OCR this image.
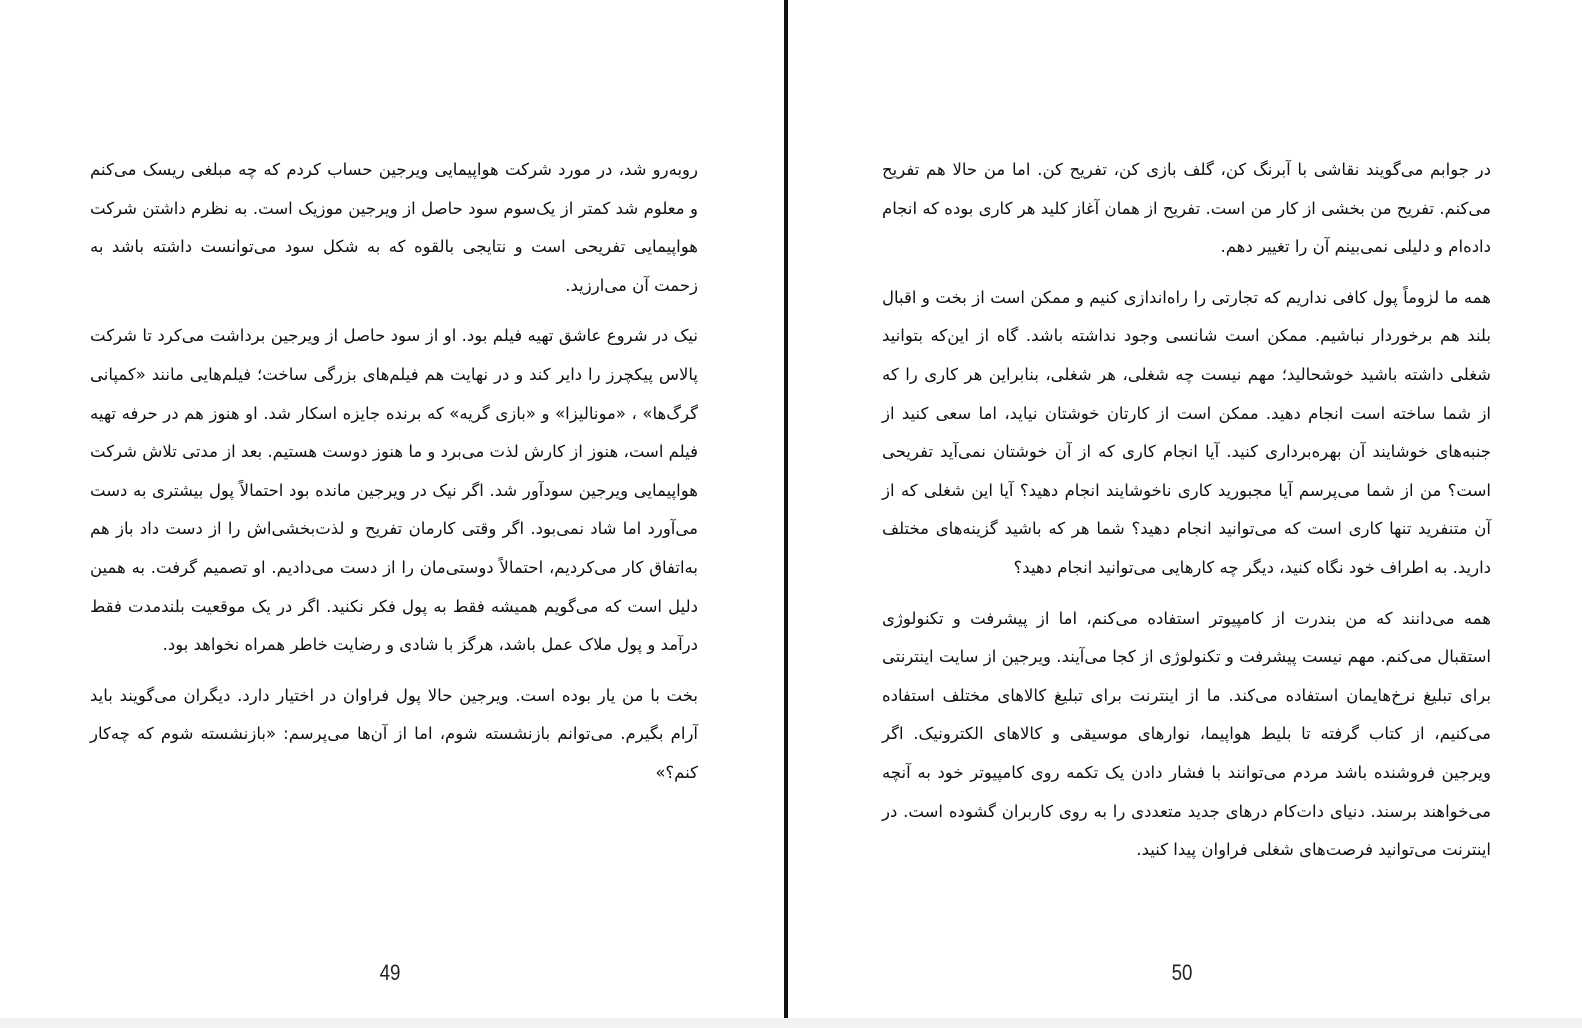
روبه‌رو شد، در مورد شرکت هواپیمایی ویرجین حساب کردم که چه مبلغی ریسک می‌کنم و معلوم شد کمتر از یک‌سوم سود حاصل از ویرجین موزیک است. به نظرم داشتن شرکت هواپیمایی تفریحی است و نتایجی بالقوه که به شکل سود می‌توانست داشته باشد به زحمت آن می‌ارزید.

نیک در شروع عاشق تهیه فیلم بود. او از سود حاصل از ویرجین برداشت می‌کرد تا شرکت پالاس پیکچرز را دایر کند و در نهایت هم فیلم‌های بزرگی ساخت؛ فیلم‌هایی مانند «کمپانی گرگ‌ها» ، «مونالیزا» و «بازی گریه» که برنده جایزه اسکار شد. او هنوز هم در حرفه تهیه فیلم است، هنوز از کارش لذت می‌برد و ما هنوز دوست هستیم. بعد از مدتی تلاش شرکت هواپیمایی ویرجین سودآور شد. اگر نیک در ویرجین مانده بود احتمالاً پول بیشتری به دست می‌آورد اما شاد نمی‌بود. اگر وقتی کارمان تفریح و لذت‌بخشی‌اش را از دست داد باز هم به‌اتفاق کار می‌کردیم، احتمالاً دوستی‌مان را از دست می‌دادیم. او تصمیم گرفت. به همین دلیل است که می‌گویم همیشه فقط به پول فکر نکنید. اگر در یک موقعیت بلندمدت فقط درآمد و پول ملاک عمل باشد، هرگز با شادی و رضایت خاطر همراه نخواهد بود.

بخت با من یار بوده است. ویرجین حالا پول فراوان در اختیار دارد. دیگران می‌گویند باید آرام بگیرم. می‌توانم بازنشسته شوم، اما از آن‌ها می‌پرسم: «بازنشسته شوم که چه‌کار کنم؟»

49

در جوابم می‌گویند نقاشی با آبرنگ کن، گلف بازی کن، تفریح کن. اما من حالا هم تفریح می‌کنم. تفریح من بخشی از کار من است. تفریح از همان آغاز کلید هر کاری بوده که انجام داده‌ام و دلیلی نمی‌بینم آن را تغییر دهم.

همه ما لزوماً پول کافی نداریم که تجارتی را راه‌اندازی کنیم و ممکن است از بخت و اقبال بلند هم برخوردار نباشیم. ممکن است شانسی وجود نداشته باشد. گاه از این‌که بتوانید شغلی داشته باشید خوشحالید؛ مهم نیست چه شغلی، هر شغلی، بنابراین هر کاری را که از شما ساخته است انجام دهید. ممکن است از کارتان خوشتان نیاید، اما سعی کنید از جنبه‌های خوشایند آن بهره‌برداری کنید. آیا انجام کاری که از آن خوشتان نمی‌آید تفریحی است؟ من از شما می‌پرسم آیا مجبورید کاری ناخوشایند انجام دهید؟ آیا این شغلی که از آن متنفرید تنها کاری است که می‌توانید انجام دهید؟ شما هر که باشید گزینه‌های مختلف دارید. به اطراف خود نگاه کنید، دیگر چه کارهایی می‌توانید انجام دهید؟

همه می‌دانند که من بندرت از کامپیوتر استفاده می‌کنم، اما از پیشرفت و تکنولوژی استقبال می‌کنم. مهم نیست پیشرفت و تکنولوژی از کجا می‌آیند. ویرجین از سایت اینترنتی برای تبلیغ نرخ‌هایمان استفاده می‌کند. ما از اینترنت برای تبلیغ کالاهای مختلف استفاده می‌کنیم، از کتاب گرفته تا بلیط هواپیما، نوارهای موسیقی و کالاهای الکترونیک. اگر ویرجین فروشنده باشد مردم می‌توانند با فشار دادن یک تکمه روی کامپیوتر خود به آنچه می‌خواهند برسند. دنیای دات‌کام درهای جدید متعددی را به روی کاربران گشوده است. در اینترنت می‌توانید فرصت‌های شغلی فراوان پیدا کنید.

50
